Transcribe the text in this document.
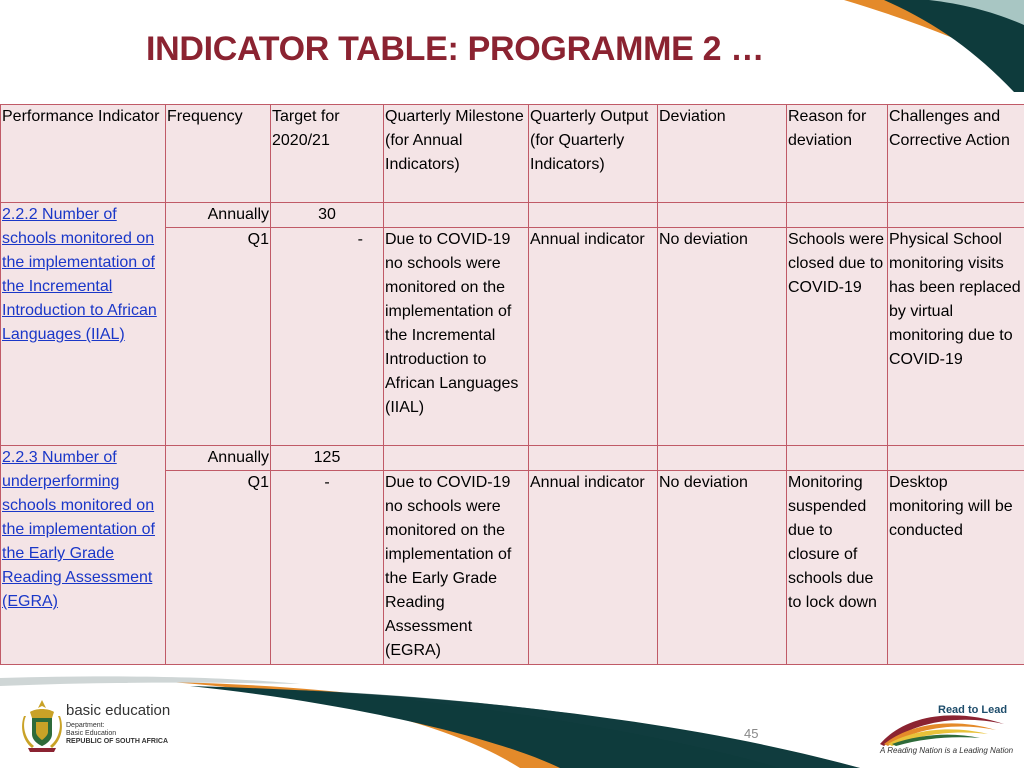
INDICATOR TABLE: PROGRAMME 2 …
Performance Indicator	Frequency	Target for 2020/21	Quarterly Milestone (for Annual Indicators)	Quarterly Output (for Quarterly Indicators)	Deviation	Reason for deviation	Challenges and Corrective Action
2.2.2 Number of schools monitored on the implementation of the Incremental Introduction to African Languages (IIAL)	Annually	30					
	Q1	-	Due to COVID-19 no schools were monitored on the implementation of the Incremental Introduction to African Languages (IIAL)	Annual indicator	No deviation	Schools were closed due to COVID-19	Physical School monitoring visits has been replaced by virtual monitoring due to COVID-19
2.2.3 Number of underperforming schools monitored on the implementation of the Early Grade Reading Assessment (EGRA)	Annually	125					
	Q1	-	Due to COVID-19 no schools were monitored on the implementation of the Early Grade Reading Assessment (EGRA)	Annual indicator	No deviation	Monitoring suspended due to closure of schools due to lock down	Desktop monitoring will be conducted
basic education
Department:
Basic Education
REPUBLIC OF SOUTH AFRICA
45
Read to Lead
A Reading Nation is a Leading Nation
